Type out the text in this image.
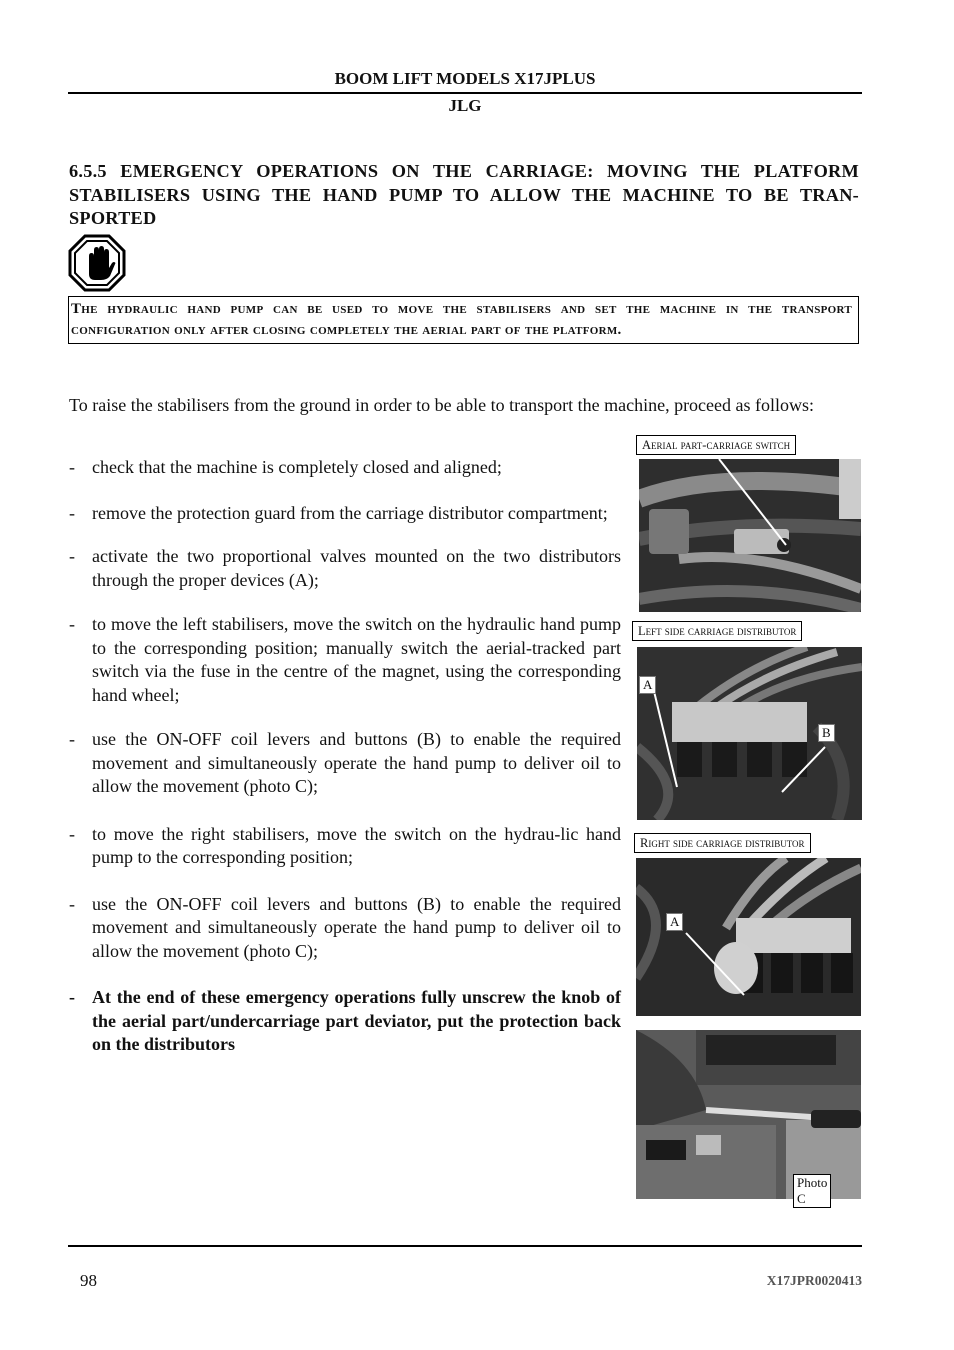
BOOM LIFT MODELS X17JPLUS
JLG
6.5.5 EMERGENCY OPERATIONS ON THE CARRIAGE: MOVING THE PLATFORM STABILISERS USING THE HAND PUMP TO ALLOW THE MACHINE TO BE TRAN-SPORTED
The hydraulic hand pump can be used to move the stabilisers and set the machine in the transport configuration only after closing completely the aerial part of the platform.
To raise the stabilisers from the ground in order to be able to transport the machine, proceed as follows:
- check that the machine is completely closed and aligned;
- remove the protection guard from the carriage distributor compartment;
- activate the two proportional valves mounted on the two distributors through the proper devices (A);
- to move the left stabilisers, move the switch on the hydraulic hand pump to the corresponding position; manually switch the aerial-tracked part switch via the fuse in the centre of the magnet, using the corresponding hand wheel;
- use the ON-OFF coil levers and buttons (B) to enable the required movement and simultaneously operate the hand pump to deliver oil to allow the movement (photo C);
- to move the right stabilisers, move the switch on the hydrau-lic hand pump to the corresponding position;
- use the ON-OFF coil levers and buttons (B) to enable the required movement and simultaneously operate the hand pump to deliver oil to allow the movement (photo C);
- At the end of these emergency operations fully unscrew the knob of the aerial part/undercarriage part deviator, put the protection back on the distributors
Aerial part-carriage switch
Left side carriage distributor
A
B
Right side carriage distributor
A
Photo C
98	X17JPR0020413
